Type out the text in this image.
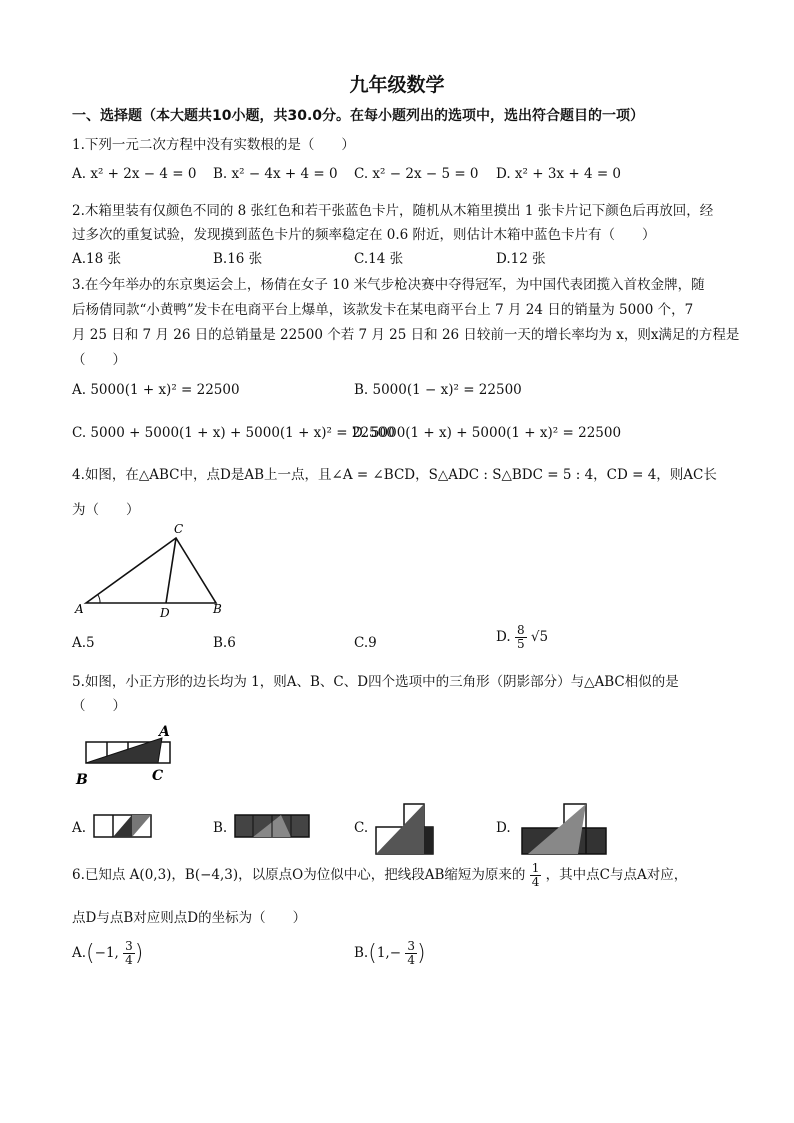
九年级数学
一、选择题（本大题共10小题，共30.0分。在每小题列出的选项中，选出符合题目的一项）
1.下列一元二次方程中没有实数根的是（　　）
A. x² + 2x − 4 = 0 B. x² − 4x + 4 = 0 C. x² − 2x − 5 = 0 D. x² + 3x + 4 = 0
2.木箱里装有仅颜色不同的 8 张红色和若干张蓝色卡片，随机从木箱里摸出 1 张卡片记下颜色后再放回，经
过多次的重复试验，发现摸到蓝色卡片的频率稳定在 0.6 附近，则估计木箱中蓝色卡片有（　　）
A.18 张	B.16 张	C.14 张	D.12 张
3.在今年举办的东京奥运会上，杨倩在女子 10 米气步枪决赛中夺得冠军，为中国代表团揽入首枚金牌，随
后杨倩同款“小黄鸭”发卡在电商平台上爆单，该款发卡在某电商平台上 7 月 24 日的销量为 5000 个，7
月 25 日和 7 月 26 日的总销量是 22500 个若 7 月 25 日和 26 日较前一天的增长率均为 x，则x满足的方程是
（　　）
A. 5000(1 + x)² = 22500	B. 5000(1 − x)² = 22500
C. 5000 + 5000(1 + x) + 5000(1 + x)² = 22500
D. 5000(1 + x) + 5000(1 + x)² = 22500
4.如图，在△ABC中，点D是AB上一点，且∠A = ∠BCD，S△ADC : S△BDC = 5 : 4，CD = 4，则AC长
为（　　）
C
A	D	B
A.5	B.6	C.9	D. $\frac{8}{5} √5$
5.如图，小正方形的边长均为 1，则A、B、C、D四个选项中的三角形（阴影部分）与△ABC相似的是
（　　）
A
B	C
A.	B.	C.	D.
6.已知点 A(0,3)，B(−4,3)，以原点O为位似中心，把线段AB缩短为原来的 $\frac{1}{4}$ ，其中点C与点A对应，
点D与点B对应则点D的坐标为（　　）
A.(−1, $\frac{3}{4}$ )	$B.(1,- \frac{3}{4}$ )
